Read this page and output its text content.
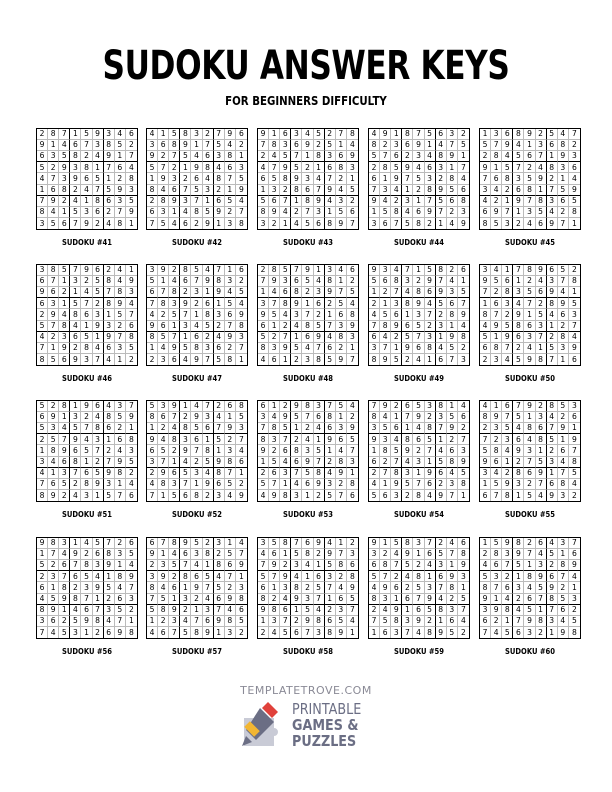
SUDOKU ANSWER KEYS
FOR BEGINNERS DIFFICULTY
2 8 7 1 5 9 3 4 6
9 1 4 6 7 3 8 5 2
6 3 5 8 2 4 9 1 7
5 2 9 3 8 1 7 6 4
4 7 3 9 6 5 1 2 8
1 6 8 2 4 7 5 9 3
7 9 2 4 1 8 6 3 5
8 4 1 5 3 6 2 7 9
3 5 6 7 9 2 4 8 1
SUDOKU #41
4 1 5 8 3 2 7 9 6
3 6 8 9 1 7 5 4 2
9 2 7 5 4 6 3 8 1
5 7 2 1 9 8 4 6 3
1 9 3 2 6 4 8 7 5
8 4 6 7 5 3 2 1 9
2 8 9 3 7 1 6 5 4
6 3 1 4 8 5 9 2 7
7 5 4 6 2 9 1 3 8
SUDOKU #42
9 1 6 3 4 5 2 7 8
7 8 3 6 9 2 5 1 4
2 4 5 7 1 8 3 6 9
4 7 9 5 2 1 6 8 3
6 5 8 9 3 4 7 2 1
1 3 2 8 6 7 9 4 5
5 6 7 1 8 9 4 3 2
8 9 4 2 7 3 1 5 6
3 2 1 4 5 6 8 9 7
SUDOKU #43
4 9 1 8 7 5 6 3 2
8 2 3 6 9 1 4 7 5
5 7 6 2 3 4 8 9 1
2 8 5 9 4 6 3 1 7
6 1 9 7 5 3 2 8 4
7 3 4 1 2 8 9 5 6
9 4 2 3 1 7 5 6 8
1 5 8 4 6 9 7 2 3
3 6 7 5 8 2 1 4 9
SUDOKU #44
1 3 6 8 9 2 5 4 7
5 7 9 4 1 3 6 8 2
2 8 4 5 6 7 1 9 3
9 1 5 7 2 4 8 3 6
7 6 8 3 5 9 2 1 4
3 4 2 6 8 1 7 5 9
4 2 1 9 7 8 3 6 5
6 9 7 1 3 5 4 2 8
8 5 3 2 4 6 9 7 1
SUDOKU #45
3 8 5 7 9 6 2 4 1
6 7 1 3 2 5 8 4 9
9 6 2 1 4 5 7 8 3
6 3 1 5 7 2 8 9 4
2 9 4 8 6 3 1 5 7
5 7 8 4 1 9 3 2 6
4 2 3 6 5 1 9 7 8
7 1 9 2 8 4 6 3 5
8 5 6 9 3 7 4 1 2
SUDOKU #46
3 9 2 8 5 4 7 1 6
5 1 4 6 7 9 8 3 2
6 7 8 2 3 1 9 4 5
7 8 3 9 2 6 1 5 4
4 2 5 7 1 8 3 6 9
9 6 1 3 4 5 2 7 8
8 5 7 1 6 2 4 9 3
1 4 9 5 8 3 6 2 7
2 3 6 4 9 7 5 8 1
SUDOKU #47
2 8 5 7 9 1 3 4 6
7 9 3 6 5 4 8 1 2
1 4 6 8 2 3 9 7 5
3 7 8 9 1 6 2 5 4
9 5 4 3 7 2 1 6 8
6 1 2 4 8 5 7 3 9
5 2 7 1 6 9 4 8 3
8 3 9 5 4 7 6 2 1
4 6 1 2 3 8 5 9 7
SUDOKU #48
9 3 4 7 1 5 8 2 6
5 6 8 3 2 9 7 4 1
1 2 7 4 8 6 9 3 5
2 1 3 8 9 4 5 6 7
4 5 6 1 3 7 2 8 9
7 8 9 6 5 2 3 1 4
6 4 2 5 7 3 1 9 8
3 7 1 9 6 8 4 5 2
8 9 5 2 4 1 6 7 3
SUDOKU #49
3 4 1 7 8 9 6 5 2
9 5 6 1 2 4 3 7 8
7 2 8 3 5 6 9 4 1
1 6 3 4 7 2 8 9 5
8 7 2 9 1 5 4 6 3
4 9 5 8 6 3 1 2 7
5 1 9 6 3 7 2 8 4
6 8 7 2 4 1 5 3 9
2 3 4 5 9 8 7 1 6
SUDOKU #50
5 2 8 1 9 6 4 3 7
6 9 1 3 2 4 8 5 9
5 3 4 5 7 8 6 2 1
2 5 7 9 4 3 1 6 8
1 8 9 6 5 7 2 4 3
3 4 6 8 1 2 7 9 5
4 1 3 7 6 5 9 8 2
7 6 5 2 8 9 3 1 4
8 9 2 4 3 1 5 7 6
SUDOKU #51
5 3 9 1 4 7 2 6 8
8 6 7 2 9 3 4 1 5
1 2 4 8 5 6 7 9 3
9 4 8 3 6 1 5 2 7
6 5 2 9 7 8 1 3 4
3 7 1 4 2 5 9 8 6
2 9 6 5 3 4 8 7 1
4 8 3 7 1 9 6 5 2
7 1 5 6 8 2 3 4 9
SUDOKU #52
6 1 2 9 8 3 7 5 4
3 4 9 5 7 6 8 1 2
7 8 5 1 2 4 6 3 9
8 3 7 2 4 1 9 6 5
9 2 6 8 3 5 1 4 7
1 5 4 6 9 7 2 8 3
2 6 3 7 5 8 4 9 1
5 7 1 4 6 9 3 2 8
4 9 8 3 1 2 5 7 6
SUDOKU #53
7 9 2 6 5 3 8 1 4
8 4 1 7 9 2 3 5 6
3 5 6 1 4 8 7 9 2
9 3 4 8 6 5 1 2 7
1 8 5 9 2 7 4 6 3
6 2 7 4 3 1 5 8 9
2 7 8 3 1 9 6 4 5
4 1 9 5 7 6 2 3 8
5 6 3 2 8 4 9 7 1
SUDOKU #54
4 1 6 7 9 2 8 5 3
8 9 7 5 1 3 4 2 6
2 3 5 4 8 6 7 9 1
7 2 3 6 4 8 5 1 9
5 8 4 9 3 1 2 6 7
9 6 1 2 7 5 3 4 8
3 4 2 8 6 9 1 7 5
1 5 9 3 2 7 6 8 4
6 7 8 1 5 4 9 3 2
SUDOKU #55
9 8 3 1 4 5 7 2 6
1 7 4 9 2 6 8 3 5
5 2 6 7 8 3 9 1 4
2 3 7 6 5 4 1 8 9
6 1 8 2 3 9 5 4 7
4 5 9 8 7 1 2 6 3
8 9 1 4 6 7 3 5 2
3 6 2 5 9 8 4 7 1
7 4 5 3 1 2 6 9 8
SUDOKU #56
6 7 8 9 5 2 3 1 4
9 1 4 6 3 8 2 5 7
2 3 5 7 4 1 8 6 9
3 9 2 8 6 5 4 7 1
8 4 6 1 9 7 5 2 3
7 5 1 3 2 4 6 9 8
5 8 9 2 1 3 7 4 6
1 2 3 4 7 6 9 8 5
4 6 7 5 8 9 1 3 2
SUDOKU #57
3 5 8 7 6 9 4 1 2
4 6 1 5 8 2 9 7 3
7 9 2 3 4 1 5 8 6
5 7 9 4 1 6 3 2 8
6 1 3 8 2 5 7 4 9
8 2 4 9 3 7 1 6 5
9 8 6 1 5 4 2 3 7
1 3 7 2 9 8 6 5 4
2 4 5 6 7 3 8 9 1
SUDOKU #58
9 1 5 8 3 7 2 4 6
3 2 4 9 1 6 5 7 8
6 8 7 5 2 4 3 1 9
5 7 2 4 8 1 6 9 3
4 9 6 2 5 3 7 8 1
8 3 1 6 7 9 4 2 5
2 4 9 1 6 5 8 3 7
7 5 8 3 9 2 1 6 4
1 6 3 7 4 8 9 5 2
SUDOKU #59
1 5 9 8 2 6 4 3 7
2 8 3 9 7 4 5 1 6
4 6 7 5 1 3 2 8 9
5 3 2 1 8 9 6 7 4
8 7 6 3 4 5 9 2 1
9 1 4 2 6 7 8 5 3
3 9 8 4 5 1 7 6 2
6 2 1 7 9 8 3 4 5
7 4 5 6 3 2 1 9 8
SUDOKU #60
TEMPLATETROVE.COM
PRINTABLE
GAMES &
PUZZLES
